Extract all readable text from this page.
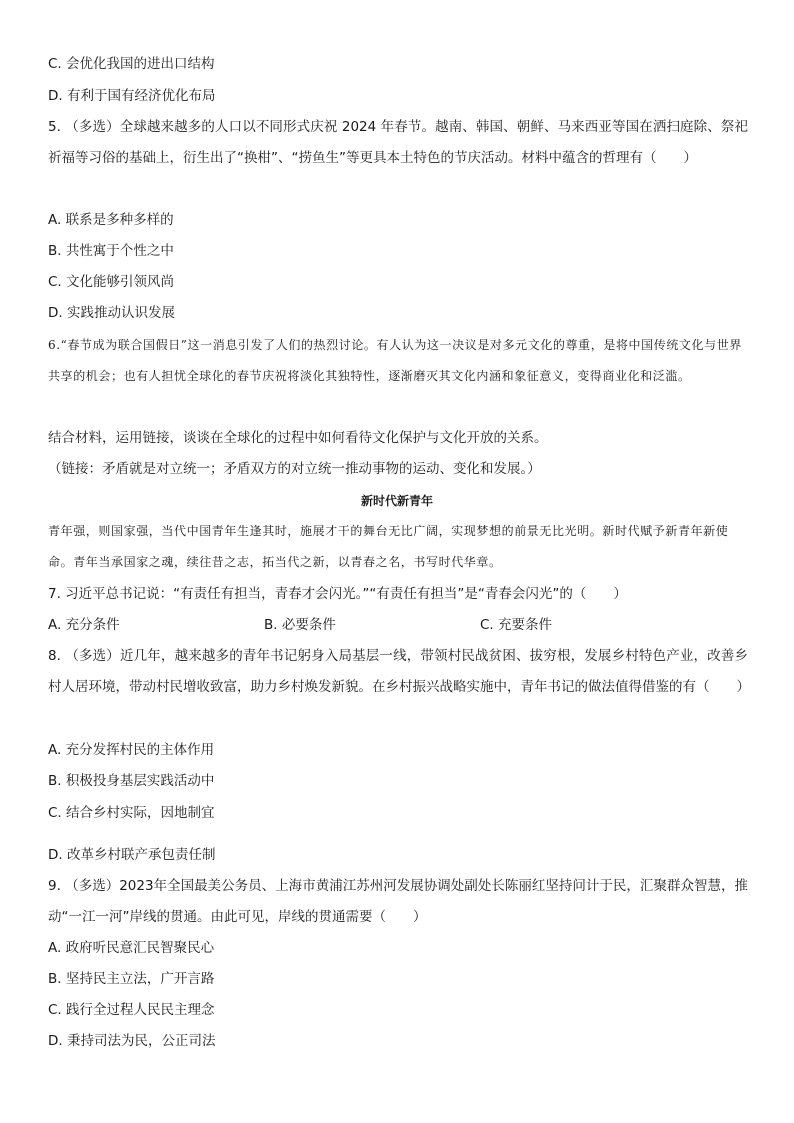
C. 会优化我国的进出口结构
D. 有利于国有经济优化布局
5. （多选）全球越来越多的人口以不同形式庆祝 2024 年春节。越南、韩国、朝鲜、马来西亚等国在洒扫庭除、祭祀祈福等习俗的基础上，衍生出了“换柑”、“捞鱼生”等更具本土特色的节庆活动。材料中蕴含的哲理有（　　）
A. 联系是多种多样的
B. 共性寓于个性之中
C. 文化能够引领风尚
D. 实践推动认识发展
6.“春节成为联合国假日”这一消息引发了人们的热烈讨论。有人认为这一决议是对多元文化的尊重，是将中国传统文化与世界共享的机会；也有人担忧全球化的春节庆祝将淡化其独特性，逐渐磨灭其文化内涵和象征意义，变得商业化和泛滥。
结合材料，运用链接，谈谈在全球化的过程中如何看待文化保护与文化开放的关系。
（链接：矛盾就是对立统一；矛盾双方的对立统一推动事物的运动、变化和发展。）
新时代新青年
青年强，则国家强，当代中国青年生逢其时，施展才干的舞台无比广阔，实现梦想的前景无比光明。新时代赋予新青年新使命。青年当承国家之魂，续往昔之志，拓当代之新，以青春之名，书写时代华章。
7. 习近平总书记说：“有责任有担当，青春才会闪光。”“有责任有担当”是“青春会闪光”的（　　）
A. 充分条件	B. 必要条件	C. 充要条件
8. （多选）近几年，越来越多的青年书记躬身入局基层一线，带领村民战贫困、拔穷根，发展乡村特色产业，改善乡村人居环境，带动村民增收致富，助力乡村焕发新貌。在乡村振兴战略实施中，青年书记的做法值得借鉴的有（　　）
A. 充分发挥村民的主体作用
B. 积极投身基层实践活动中
C. 结合乡村实际，因地制宜
D. 改革乡村联产承包责任制
9. （多选）2023年全国最美公务员、上海市黄浦江苏州河发展协调处副处长陈丽红坚持问计于民，汇聚群众智慧，推动“一江一河”岸线的贯通。由此可见，岸线的贯通需要（　　）
A. 政府听民意汇民智聚民心
B. 坚持民主立法，广开言路
C. 践行全过程人民民主理念
D. 秉持司法为民，公正司法
